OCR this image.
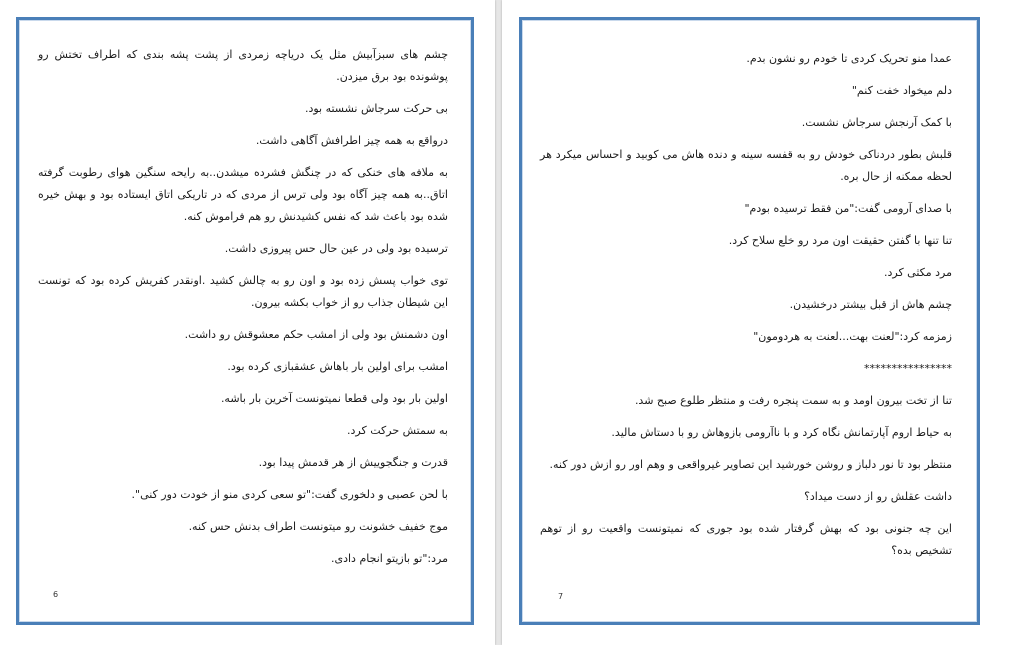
چشم های سبزآبیش مثل یک دریاچه زمردی از پشت پشه بندی که اطراف تختش رو پوشونده بود برق میزدن.

بی حرکت سرجاش نشسته بود.

درواقع به همه چیز اطرافش آگاهی داشت.

به ملافه های خنکی که در چنگش فشرده میشدن..به رایحه سنگین هوای رطوبت گرفته اتاق..به همه چیز آگاه بود ولی ترس از مردی که در تاریکی اتاق ایستاده بود و بهش خیره شده بود باعث شد که نفس کشیدنش رو هم فراموش کنه.

ترسیده بود ولی در عین حال حس پیروزی داشت.

توی خواب پسش زده بود و اون رو به چالش کشید .اونقدر کفریش کرده بود که تونست این شیطان جذاب رو از خواب بکشه بیرون.

اون دشمنش بود ولی از امشب حکم معشوقش رو داشت.

امشب برای اولین بار باهاش عشقبازی کرده بود.

اولین بار بود ولی قطعا نمیتونست آخرین بار باشه.

به سمتش حرکت کرد.

قدرت و جنگجوییش از هر قدمش پیدا بود.

با لحن عصبی و دلخوری گفت:"تو سعی کردی منو از خودت دور کنی".

موج خفیف خشونت رو میتونست اطراف بدنش حس کنه.

مرد:"تو بازیتو انجام دادی.

6

عمدا منو تحریک کردی تا خودم رو نشون بدم.

دلم میخواد خفت کنم"

با کمک آرنجش سرجاش نشست.

قلبش بطور دردناکی خودش رو به قفسه سینه و دنده هاش می کوبید و احساس میکرد هر لحظه ممکنه از حال بره.

با صدای آرومی گفت:"من فقط ترسیده بودم"

تنا تنها با گفتن حقیقت اون مرد رو خلع سلاح کرد.

مرد مکثی کرد.

چشم هاش از قبل بیشتر درخشیدن.

زمزمه کرد:"لعنت بهت...لعنت به هردومون"

****************

تنا از تخت بیرون اومد و به سمت پنجره رفت و منتظر طلوع صبح شد.

به حیاط اروم آپارتمانش نگاه کرد و با ناآرومی بازوهاش رو با دستاش مالید.

منتظر بود تا نور دلباز و روشن خورشید این تصاویر غیرواقعی و وهم اور رو ازش دور کنه.

داشت عقلش رو از دست میداد؟

این چه جنونی بود که بهش گرفتار شده بود جوری که نمیتونست واقعیت رو از توهم تشخیص بده؟

7
